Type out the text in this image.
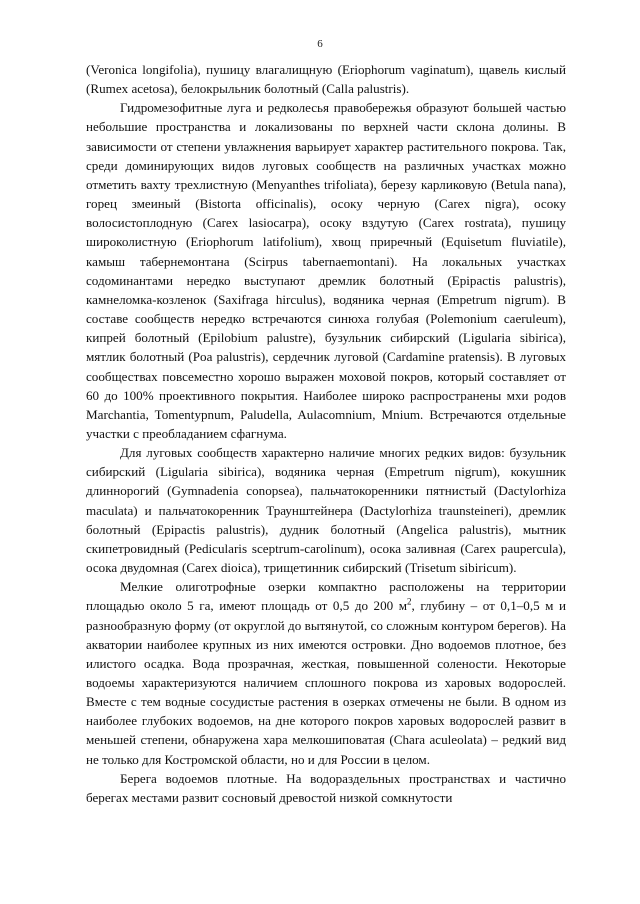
6

(Veronica longifolia), пушицу влагалищную (Eriophorum vaginatum), щавель кислый (Rumex acetosa), белокрыльник болотный (Calla palustris).

Гидромезофитные луга и редколесья правобережья образуют большей частью небольшие пространства и локализованы по верхней части склона долины. В зависимости от степени увлажнения варьирует характер растительного покрова. Так, среди доминирующих видов луговых сообществ на различных участках можно отметить вахту трехлистную (Menyanthes trifoliata), березу карликовую (Betula nana), горец змеиный (Bistorta officinalis), осоку черную (Carex nigra), осоку волосистоплодную (Carex lasiocarpa), осоку вздутую (Carex rostrata), пушицу широколистную (Eriophorum latifolium), хвощ приречный (Equisetum fluviatile), камыш табернемонтана (Scirpus tabernaemontani). На локальных участках содоминантами нередко выступают дремлик болотный (Epipactis palustris), камнеломка-козленок (Saxifraga hirculus), водяника черная (Empetrum nigrum). В составе сообществ нередко встречаются синюха голубая (Polemonium caeruleum), кипрей болотный (Epilobium palustre), бузульник сибирский (Ligularia sibirica), мятлик болотный (Poa palustris), сердечник луговой (Cardamine pratensis). В луговых сообществах повсеместно хорошо выражен моховой покров, который составляет от 60 до 100% проективного покрытия. Наиболее широко распространены мхи родов Marchantia, Tomentypnum, Paludella, Aulacomnium, Mnium. Встречаются отдельные участки с преобладанием сфагнума.

Для луговых сообществ характерно наличие многих редких видов: бузульник сибирский (Ligularia sibirica), водяника черная (Empetrum nigrum), кокушник длиннорогий (Gymnadenia conopsea), пальчатокоренники пятнистый (Dactylorhiza maculata) и пальчатокоренник Траунштейнера (Dactylorhiza traunsteineri), дремлик болотный (Epipactis palustris), дудник болотный (Angelica palustris), мытник скипетровидный (Pedicularis sceptrum-carolinum), осока заливная (Carex paupercula), осока двудомная (Carex dioica), трищетинник сибирский (Trisetum sibiricum).

Мелкие олиготрофные озерки компактно расположены на территории площадью около 5 га, имеют площадь от 0,5 до 200 $м^2$, глубину – от 0,1–0,5 м и разнообразную форму (от округлой до вытянутой, со сложным контуром берегов). На акватории наиболее крупных из них имеются островки. Дно водоемов плотное, без илистого осадка. Вода прозрачная, жесткая, повышенной солености. Некоторые водоемы характеризуются наличием сплошного покрова из харовых водорослей. Вместе с тем водные сосудистые растения в озерках отмечены не были. В одном из наиболее глубоких водоемов, на дне которого покров харовых водорослей развит в меньшей степени, обнаружена хара мелкошиповатая (Chara aculeolata) – редкий вид не только для Костромской области, но и для России в целом.

Берега водоемов плотные. На водораздельных пространствах и частично берегах местами развит сосновый древостой низкой сомкнутости
